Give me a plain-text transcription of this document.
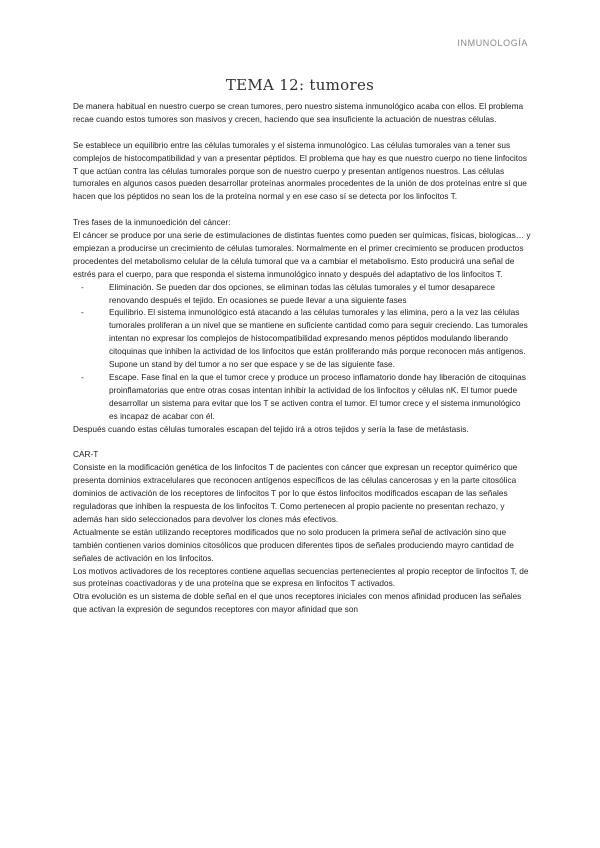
INMUNOLOGÍA
TEMA 12: tumores

De manera habitual en nuestro cuerpo se crean tumores, pero nuestro sistema inmunológico acaba con ellos. El problema recae cuando estos tumores son masivos y crecen, haciendo que sea insuficiente la actuación de nuestras células.

Se establece un equilibrio entre las células tumorales y el sistema inmunológico. Las células tumorales van a tener sus complejos de histocompatibilidad y van a presentar péptidos. El problema que hay es que nuestro cuerpo no tiene linfocitos T que actúan contra las células tumorales porque son de nuestro cuerpo y presentan antígenos nuestros. Las células tumorales en algunos casos pueden desarrollar proteínas anormales procedentes de la unión de dos proteínas entre sí que hacen que los péptidos no sean los de la proteína normal y en ese caso sí se detecta por los linfocitos T.

Tres fases de la inmunoedición del cáncer:

El cáncer se produce por una serie de estimulaciones de distintas fuentes como pueden ser químicas, físicas, biologicas… y empiezan a producirse un crecimiento de células tumorales. Normalmente en el primer crecimiento se producen productos procedentes del metabolismo celular de la célula tumoral que va a cambiar el metabolismo. Esto producirá una señal de estrés para el cuerpo, para que responda el sistema inmunológico innato y después del adaptativo de los linfocitos T.

-	Eliminación. Se pueden dar dos opciones, se eliminan todas las células tumorales y el tumor desaparece renovando después el tejido. En ocasiones se puede llevar a una siguiente fases
-	Equilibrio. El sistema inmunológico está atacando a las células tumorales y las elimina, pero a la vez las células tumorales proliferan a un nivel que se mantiene en suficiente cantidad como para seguir creciendo. Las tumorales intentan no expresar los complejos de histocompatibilidad expresando menos péptidos modulando liberando citoquinas que inhiben la actividad de los linfocitos que están proliferando más porque reconocen más antígenos. Supone un stand by del tumor a no ser que espace y se de las siguiente fase.
-	Escape. Fase final en la que el tumor crece y produce un proceso inflamatorio donde hay liberación de citoquinas proinflamatorias que entre otras cosas intentan inhibir la actividad de los linfocitos y células nK. El tumor puede desarrollar un sistema para evitar que los T se activen contra el tumor. El tumor crece y el sistema inmunológico es incapaz de acabar con él.

Después cuando estas células tumorales escapan del tejido irá a otros tejidos y sería la fase de metástasis.

CAR-T

Consiste en la modificación genética de los linfocitos T de pacientes con cáncer que expresan un receptor quimérico que presenta dominios extracelulares que reconocen antígenos específicos de las células cancerosas y en la parte citosólica dominios de activación de los receptores de linfocitos T por lo que éstos linfocitos modificados escapan de las señales reguladoras que inhiben la respuesta de los linfocitos T. Como pertenecen al propio paciente no presentan rechazo, y además han sido seleccionados para devolver los clones más efectivos.

Actualmente se están utilizando receptores modificados que no solo producen la primera señal de activación sino que también contienen varios dominios citosólicos que producen diferentes tipos de señales produciendo mayro cantidad de señales de activación en los linfocitos.

Los motivos activadores de los receptores contiene aquellas secuencias pertenecientes al propio receptor de linfocitos T, de sus proteínas coactivadoras y de una proteína que se expresa en linfocitos T activados.

Otra evolución es un sistema de doble señal en el que unos receptores iniciales con menos afinidad producen las señales que activan la expresión de segundos receptores con mayor afinidad que son
